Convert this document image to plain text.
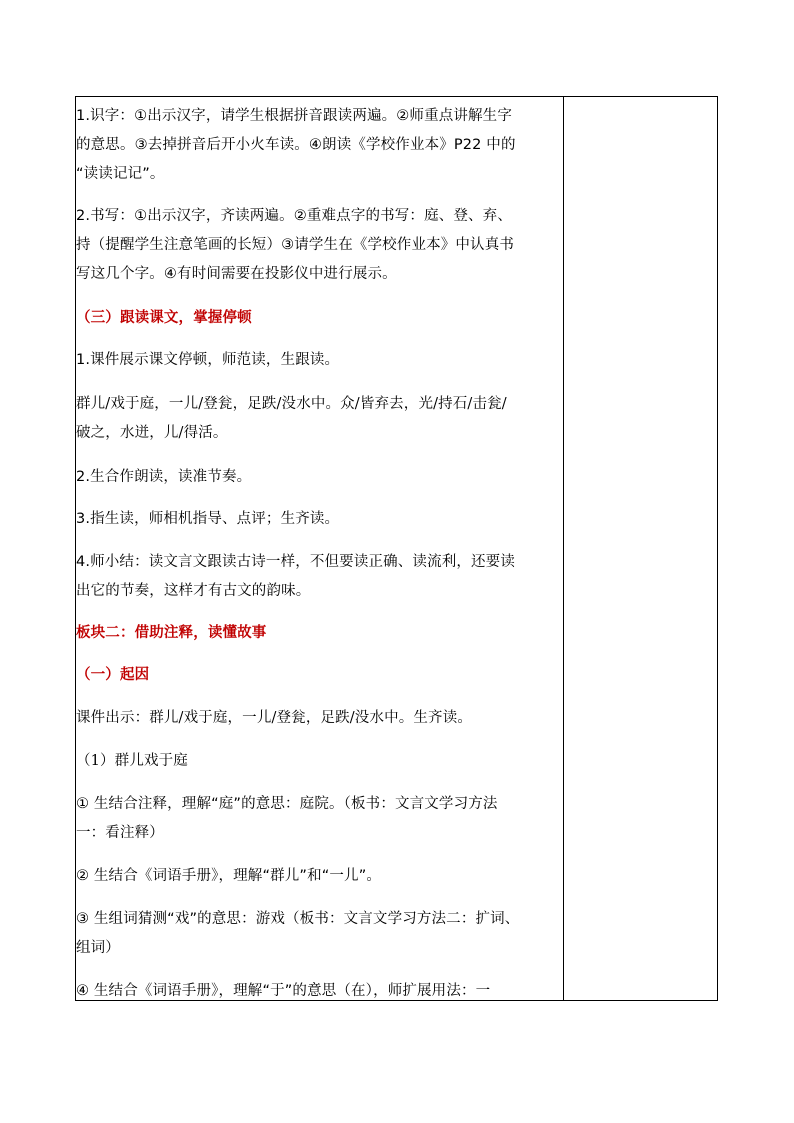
1.识字：①出示汉字，请学生根据拼音跟读两遍。②师重点讲解生字
的意思。③去掉拼音后开小火车读。④朗读《学校作业本》P22 中的
“读读记记”。
2.书写：①出示汉字，齐读两遍。②重难点字的书写：庭、登、弃、
持（提醒学生注意笔画的长短）③请学生在《学校作业本》中认真书
写这几个字。④有时间需要在投影仪中进行展示。
（三）跟读课文，掌握停顿
1.课件展示课文停顿，师范读，生跟读。
群儿/戏于庭，一儿/登瓮，足跌/没水中。众/皆弃去，光/持石/击瓮/
破之，水迸，儿/得活。
2.生合作朗读，读准节奏。
3.指生读，师相机指导、点评；生齐读。
4.师小结：读文言文跟读古诗一样，不但要读正确、读流利，还要读
出它的节奏，这样才有古文的韵味。
板块二：借助注释，读懂故事
（一）起因
课件出示：群儿/戏于庭，一儿/登瓮，足跌/没水中。生齐读。
（1）群儿戏于庭
① 生结合注释，理解“庭”的意思：庭院。（板书：文言文学习方法
一：看注释）
② 生结合《词语手册》，理解“群儿”和“一儿”。
③ 生组词猜测“戏”的意思：游戏（板书：文言文学习方法二：扩词、
组词）
④ 生结合《词语手册》，理解“于”的意思（在），师扩展用法：一
